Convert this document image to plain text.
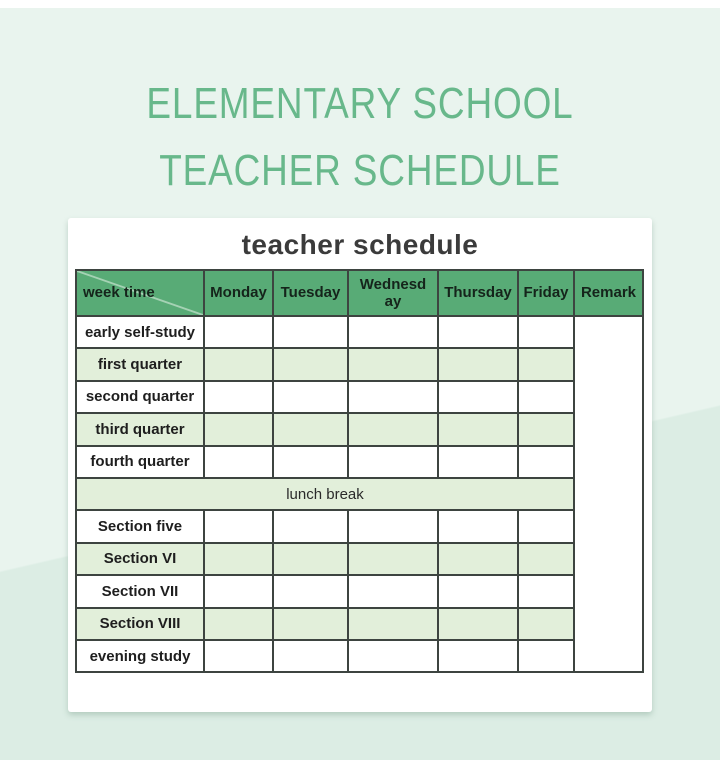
ELEMENTARY SCHOOL
TEACHER SCHEDULE
teacher schedule
week time	Monday	Tuesday	Wednesday	Thursday	Friday	Remark
early self-study						
first quarter						
second quarter						
third quarter						
fourth quarter						
lunch break						
Section five						
Section VI						
Section VII						
Section VIII						
evening study						
